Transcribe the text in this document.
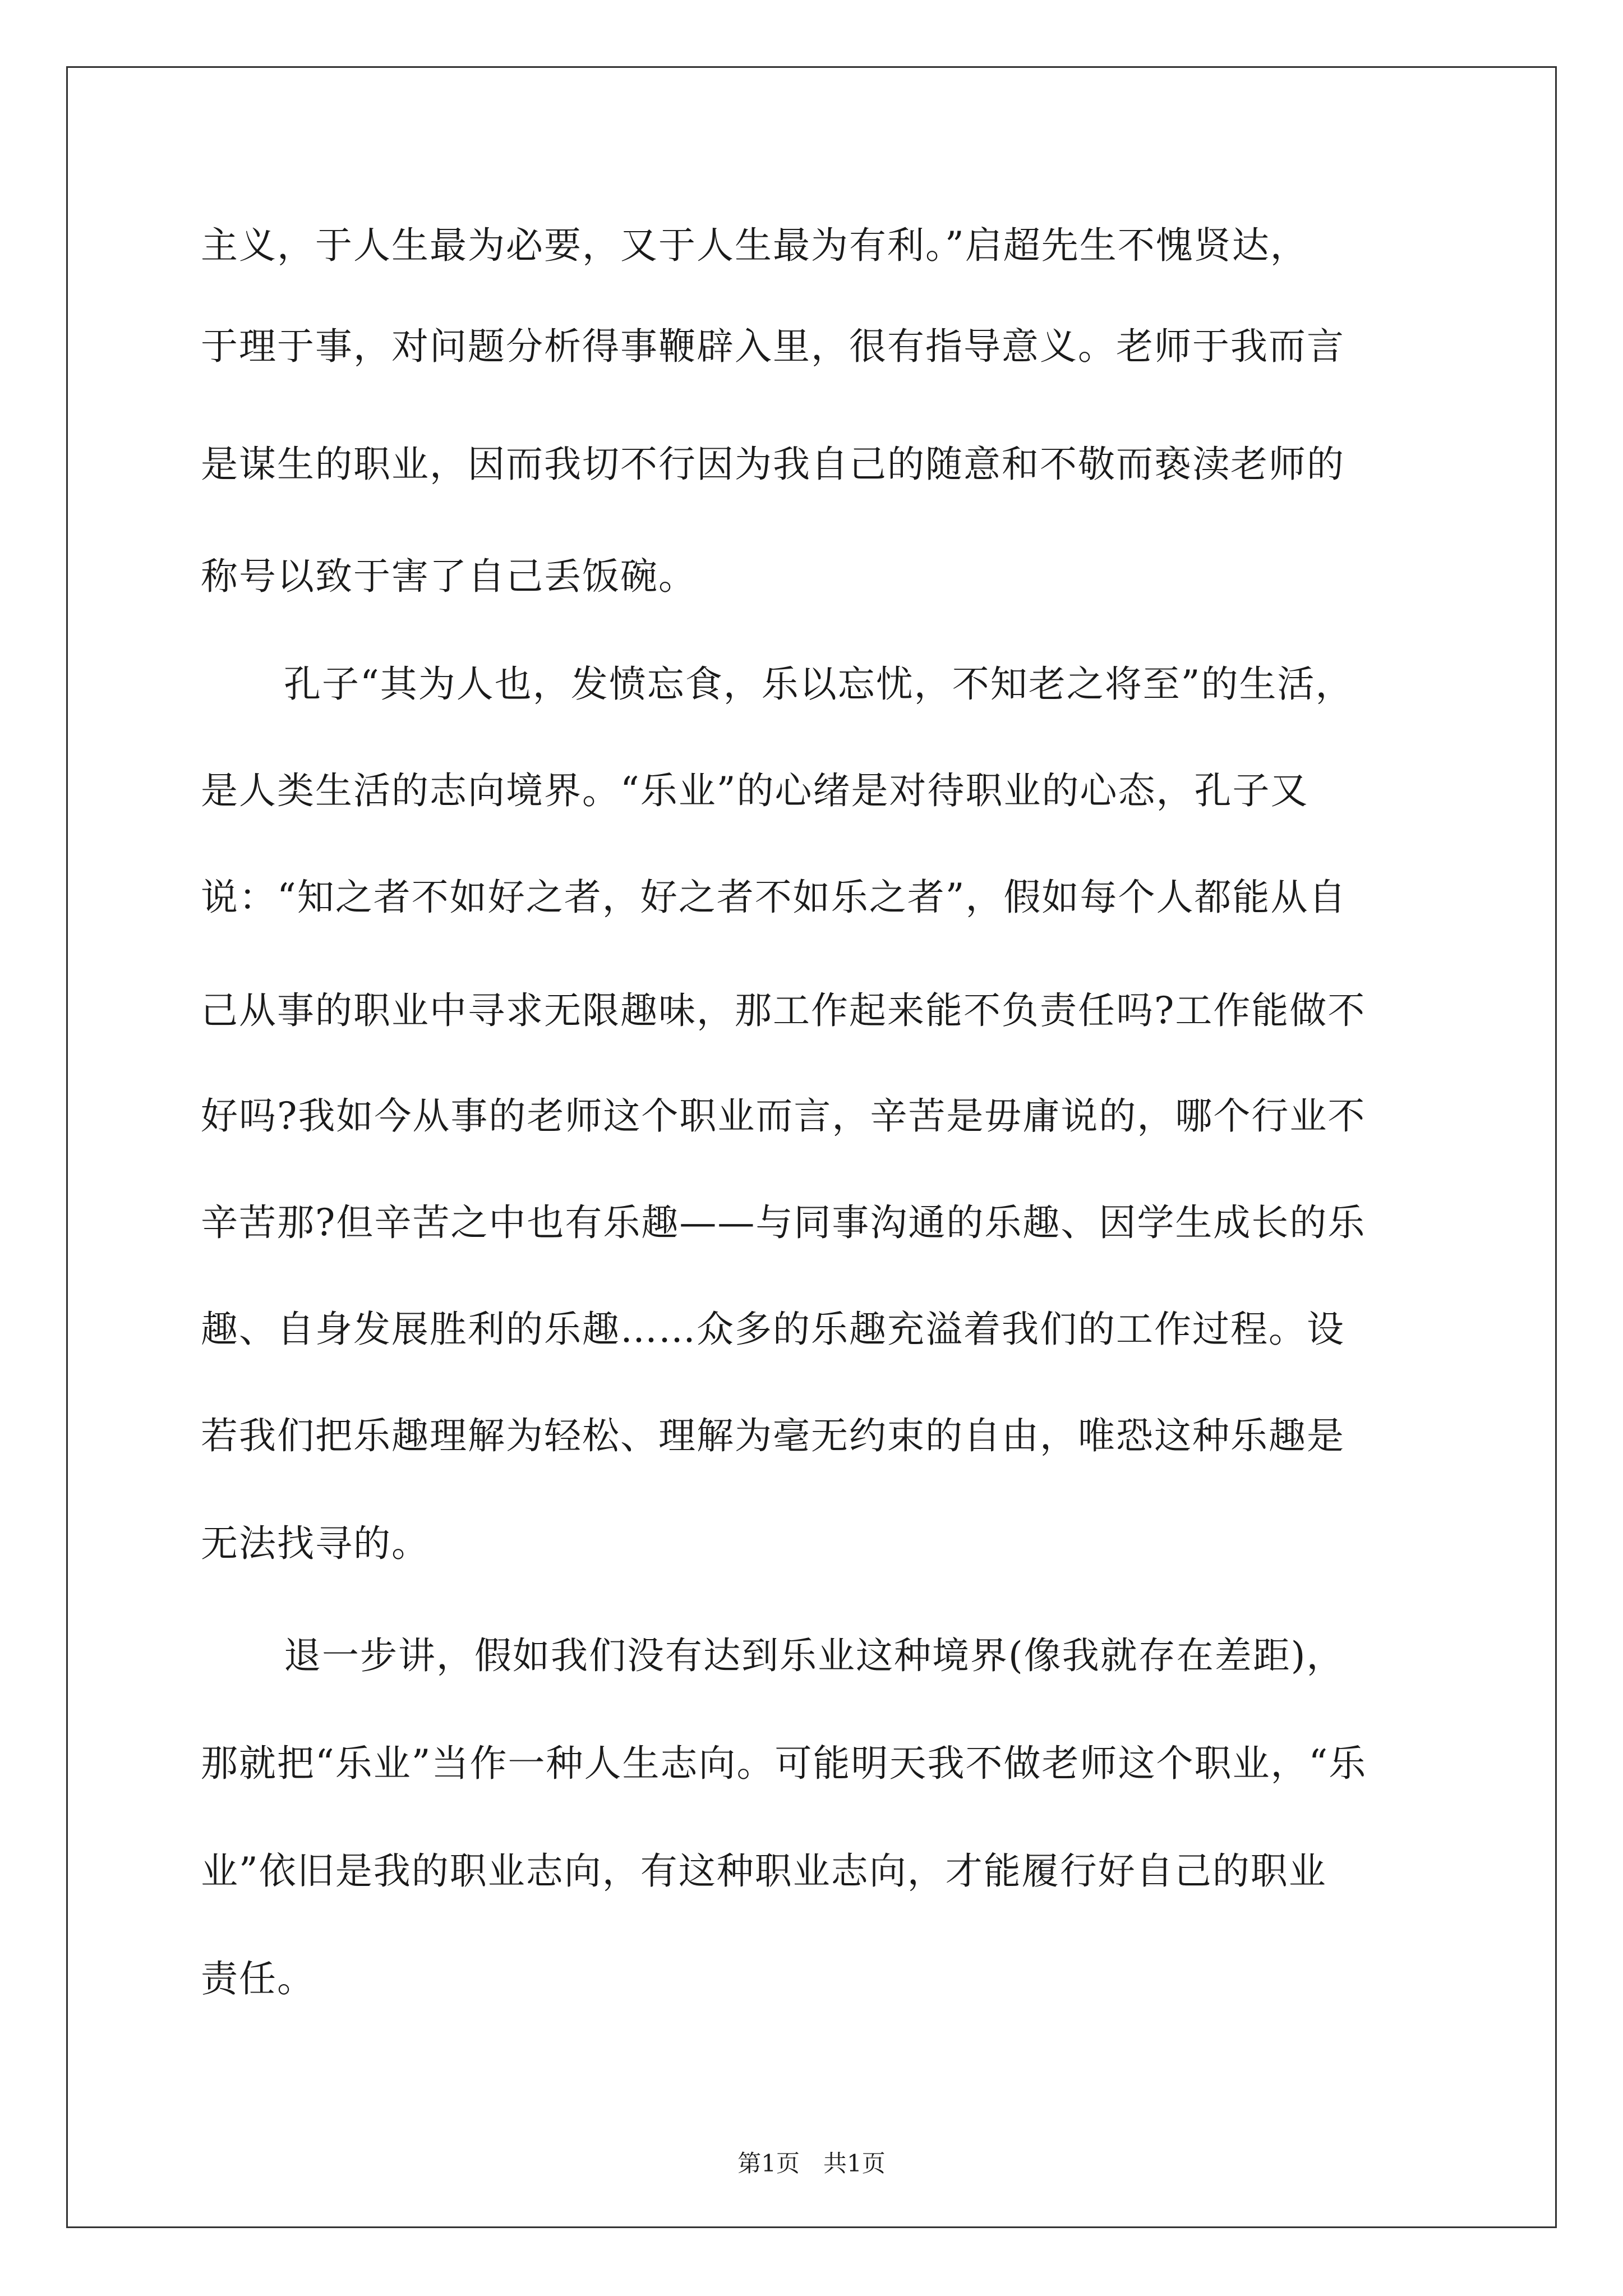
主义，于人生最为必要，又于人生最为有利。”启超先生不愧贤达，
于理于事，对问题分析得事鞭辟入里，很有指导意义。老师于我而言
是谋生的职业，因而我切不行因为我自己的随意和不敬而亵渎老师的
称号以致于害了自己丢饭碗。
孔子“其为人也，发愤忘食，乐以忘忧，不知老之将至”的生活，
是人类生活的志向境界。“乐业”的心绪是对待职业的心态，孔子又
说：“知之者不如好之者，好之者不如乐之者”，假如每个人都能从自
己从事的职业中寻求无限趣味，那工作起来能不负责任吗?工作能做不
好吗?我如今从事的老师这个职业而言，辛苦是毋庸说的，哪个行业不
辛苦那?但辛苦之中也有乐趣——与同事沟通的乐趣、因学生成长的乐
趣、自身发展胜利的乐趣……众多的乐趣充溢着我们的工作过程。设
若我们把乐趣理解为轻松、理解为毫无约束的自由，唯恐这种乐趣是
无法找寻的。
退一步讲，假如我们没有达到乐业这种境界(像我就存在差距)，
那就把“乐业”当作一种人生志向。可能明天我不做老师这个职业，“乐
业”依旧是我的职业志向，有这种职业志向，才能履行好自己的职业
责任。
第1页　共1页
